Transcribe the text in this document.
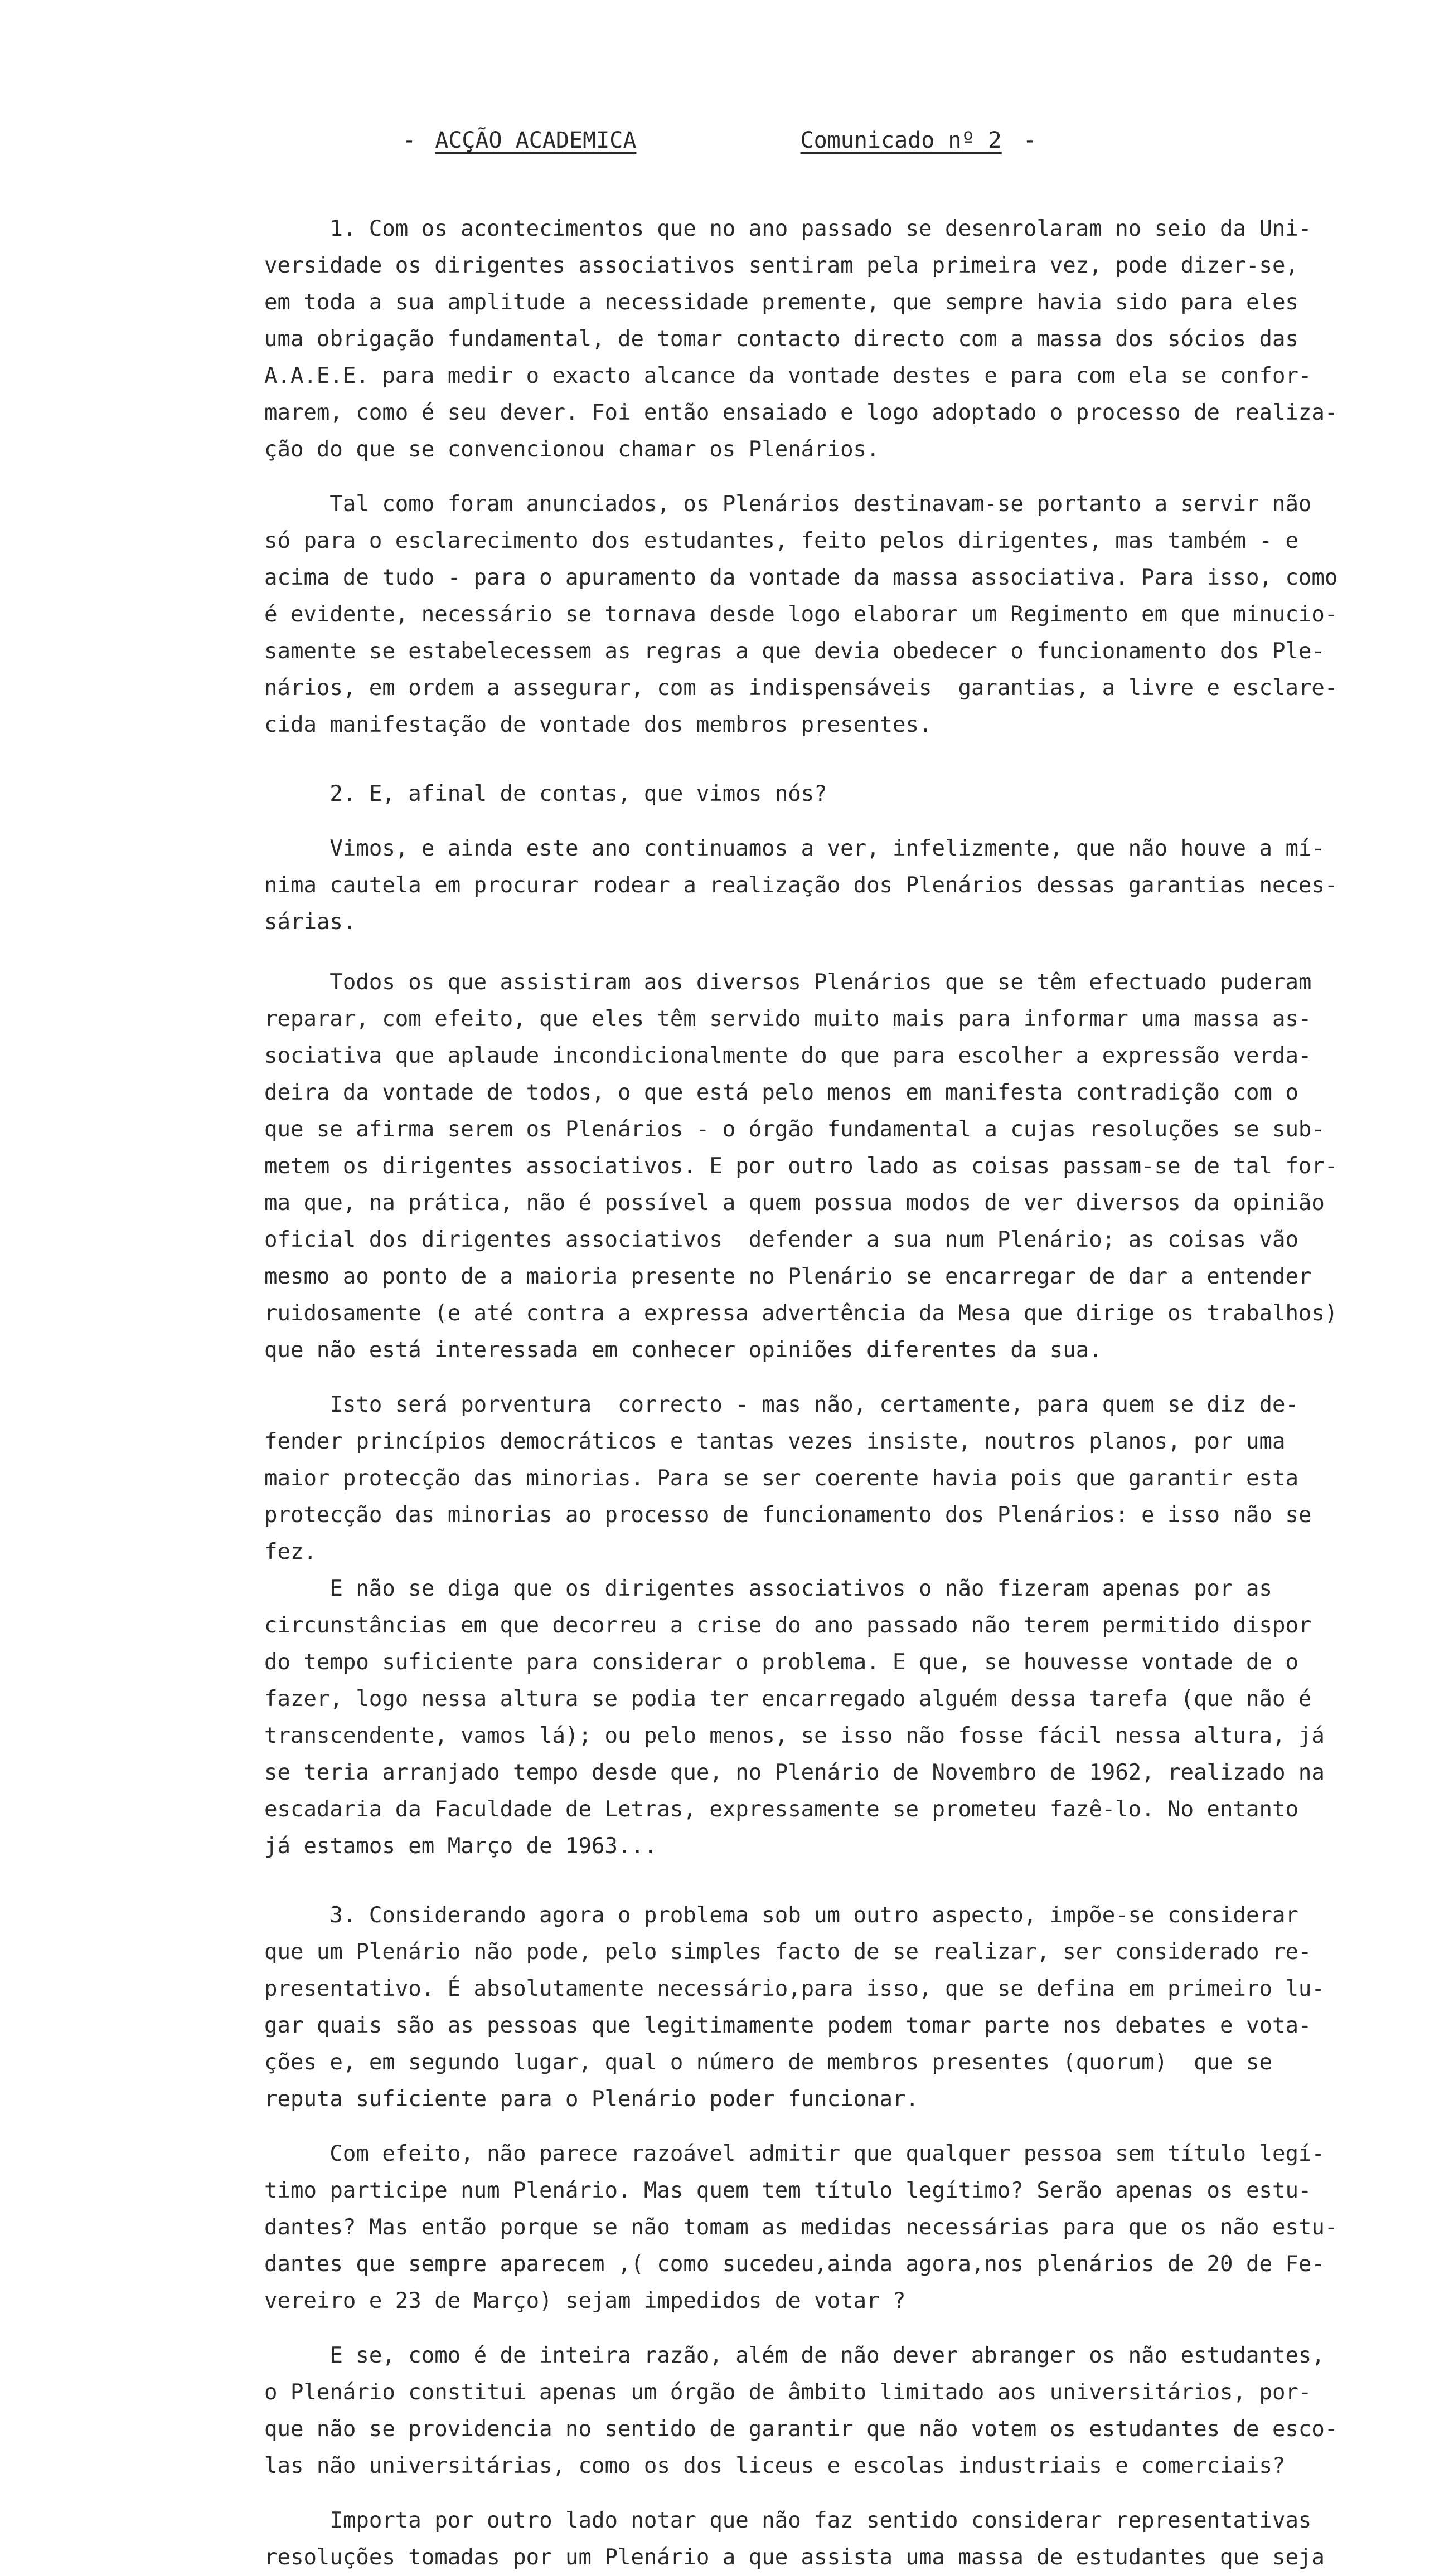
- ACÇÃO ACADEMICA	Comunicado nº 2 -
1. Com os acontecimentos que no ano passado se desenrolaram no seio da Uni-
versidade os dirigentes associativos sentiram pela primeira vez, pode dizer-se,
em toda a sua amplitude a necessidade premente, que sempre havia sido para eles
uma obrigação fundamental, de tomar contacto directo com a massa dos sócios das
A.A.E.E. para medir o exacto alcance da vontade destes e para com ela se confor-
marem, como é seu dever. Foi então ensaiado e logo adoptado o processo de realiza-
ção do que se convencionou chamar os Plenários.
Tal como foram anunciados, os Plenários destinavam-se portanto a servir não
só para o esclarecimento dos estudantes, feito pelos dirigentes, mas também - e
acima de tudo - para o apuramento da vontade da massa associativa. Para isso, como
é evidente, necessário se tornava desde logo elaborar um Regimento em que minucio-
samente se estabelecessem as regras a que devia obedecer o funcionamento dos Ple-
nários, em ordem a assegurar, com as indispensáveis  garantias, a livre e esclare-
cida manifestação de vontade dos membros presentes.
2. E, afinal de contas, que vimos nós?
Vimos, e ainda este ano continuamos a ver, infelizmente, que não houve a mí-
nima cautela em procurar rodear a realização dos Plenários dessas garantias neces-
sárias.
Todos os que assistiram aos diversos Plenários que se têm efectuado puderam
reparar, com efeito, que eles têm servido muito mais para informar uma massa as-
sociativa que aplaude incondicionalmente do que para escolher a expressão verda-
deira da vontade de todos, o que está pelo menos em manifesta contradição com o
que se afirma serem os Plenários - o órgão fundamental a cujas resoluções se sub-
metem os dirigentes associativos. E por outro lado as coisas passam-se de tal for-
ma que, na prática, não é possível a quem possua modos de ver diversos da opinião
oficial dos dirigentes associativos  defender a sua num Plenário; as coisas vão
mesmo ao ponto de a maioria presente no Plenário se encarregar de dar a entender
ruidosamente (e até contra a expressa advertência da Mesa que dirige os trabalhos)
que não está interessada em conhecer opiniões diferentes da sua.
Isto será porventura  correcto - mas não, certamente, para quem se diz de-
fender princípios democráticos e tantas vezes insiste, noutros planos, por uma
maior protecção das minorias. Para se ser coerente havia pois que garantir esta
protecção das minorias ao processo de funcionamento dos Plenários: e isso não se
fez.
E não se diga que os dirigentes associativos o não fizeram apenas por as
circunstâncias em que decorreu a crise do ano passado não terem permitido dispor
do tempo suficiente para considerar o problema. E que, se houvesse vontade de o
fazer, logo nessa altura se podia ter encarregado alguém dessa tarefa (que não é
transcendente, vamos lá); ou pelo menos, se isso não fosse fácil nessa altura, já
se teria arranjado tempo desde que, no Plenário de Novembro de 1962, realizado na
escadaria da Faculdade de Letras, expressamente se prometeu fazê-lo. No entanto
já estamos em Março de 1963...
3. Considerando agora o problema sob um outro aspecto, impõe-se considerar
que um Plenário não pode, pelo simples facto de se realizar, ser considerado re-
presentativo. É absolutamente necessário,para isso, que se defina em primeiro lu-
gar quais são as pessoas que legitimamente podem tomar parte nos debates e vota-
ções e, em segundo lugar, qual o número de membros presentes (quorum)  que se
reputa suficiente para o Plenário poder funcionar.
Com efeito, não parece razoável admitir que qualquer pessoa sem título legí-
timo participe num Plenário. Mas quem tem título legítimo? Serão apenas os estu-
dantes? Mas então porque se não tomam as medidas necessárias para que os não estu-
dantes que sempre aparecem ,( como sucedeu,ainda agora,nos plenários de 20 de Fe-
vereiro e 23 de Março) sejam impedidos de votar ?
E se, como é de inteira razão, além de não dever abranger os não estudantes,
o Plenário constitui apenas um órgão de âmbito limitado aos universitários, por-
que não se providencia no sentido de garantir que não votem os estudantes de esco-
las não universitárias, como os dos liceus e escolas industriais e comerciais?
Importa por outro lado notar que não faz sentido considerar representativas
resoluções tomadas por um Plenário a que assista uma massa de estudantes que seja
